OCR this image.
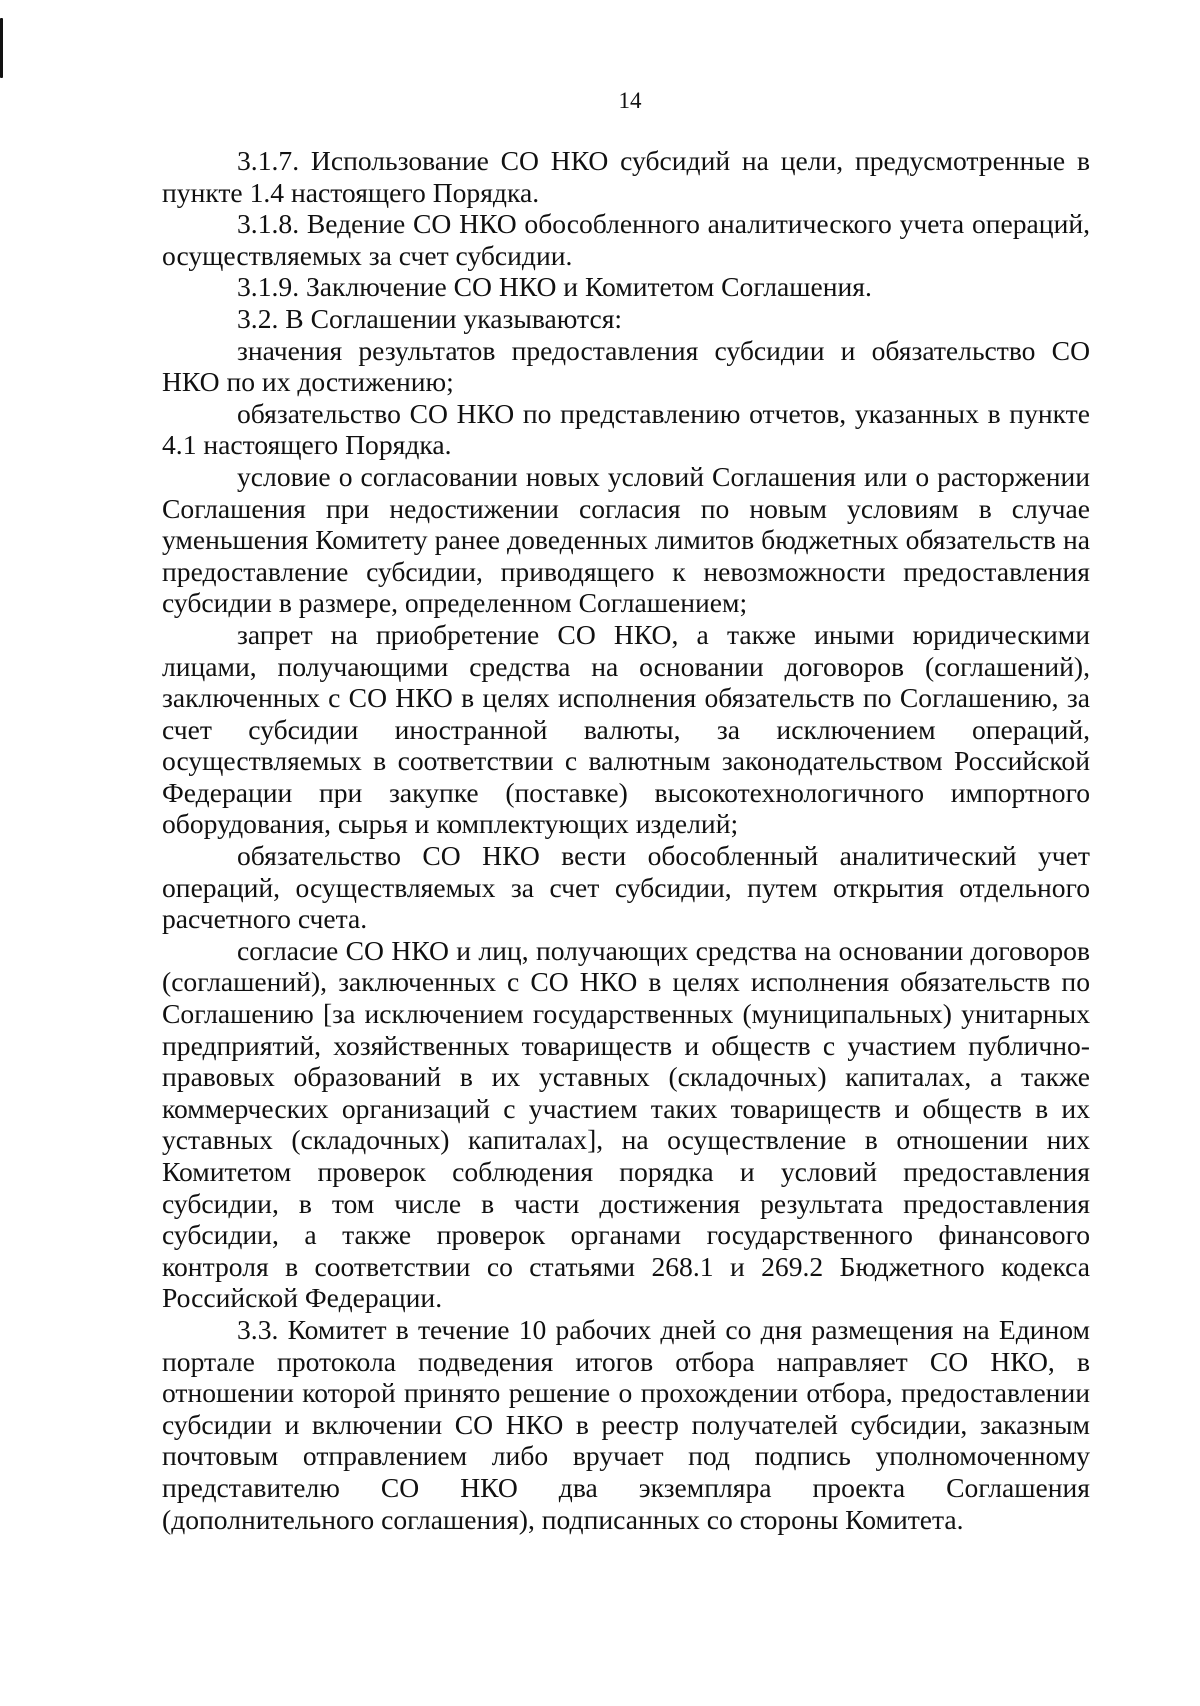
14

3.1.7. Использование СО НКО субсидий на цели, предусмотренные в пункте 1.4 настоящего Порядка.

3.1.8. Ведение СО НКО обособленного аналитического учета операций, осуществляемых за счет субсидии.

3.1.9. Заключение СО НКО и Комитетом Соглашения.

3.2. В Соглашении указываются:

значения результатов предоставления субсидии и обязательство СО НКО по их достижению;

обязательство СО НКО по представлению отчетов, указанных в пункте 4.1 настоящего Порядка.

условие о согласовании новых условий Соглашения или о расторжении Соглашения при недостижении согласия по новым условиям в случае уменьшения Комитету ранее доведенных лимитов бюджетных обязательств на предоставление субсидии, приводящего к невозможности предоставления субсидии в размере, определенном Соглашением;

запрет на приобретение СО НКО, а также иными юридическими лицами, получающими средства на основании договоров (соглашений), заключенных с СО НКО в целях исполнения обязательств по Соглашению, за счет субсидии иностранной валюты, за исключением операций, осуществляемых в соответствии с валютным законодательством Российской Федерации при закупке (поставке) высокотехнологичного импортного оборудования, сырья и комплектующих изделий;

обязательство СО НКО вести обособленный аналитический учет операций, осуществляемых за счет субсидии, путем открытия отдельного расчетного счета.

согласие СО НКО и лиц, получающих средства на основании договоров (соглашений), заключенных с СО НКО в целях исполнения обязательств по Соглашению [за исключением государственных (муниципальных) унитарных предприятий, хозяйственных товариществ и обществ с участием публично-правовых образований в их уставных (складочных) капиталах, а также коммерческих организаций с участием таких товариществ и обществ в их уставных (складочных) капиталах], на осуществление в отношении них Комитетом проверок соблюдения порядка и условий предоставления субсидии, в том числе в части достижения результата предоставления субсидии, а также проверок органами государственного финансового контроля в соответствии со статьями 268.1 и 269.2 Бюджетного кодекса Российской Федерации.

3.3. Комитет в течение 10 рабочих дней со дня размещения на Едином портале протокола подведения итогов отбора направляет СО НКО, в отношении которой принято решение о прохождении отбора, предоставлении субсидии и включении СО НКО в реестр получателей субсидии, заказным почтовым отправлением либо вручает под подпись уполномоченному представителю СО НКО два экземпляра проекта Соглашения (дополнительного соглашения), подписанных со стороны Комитета.
